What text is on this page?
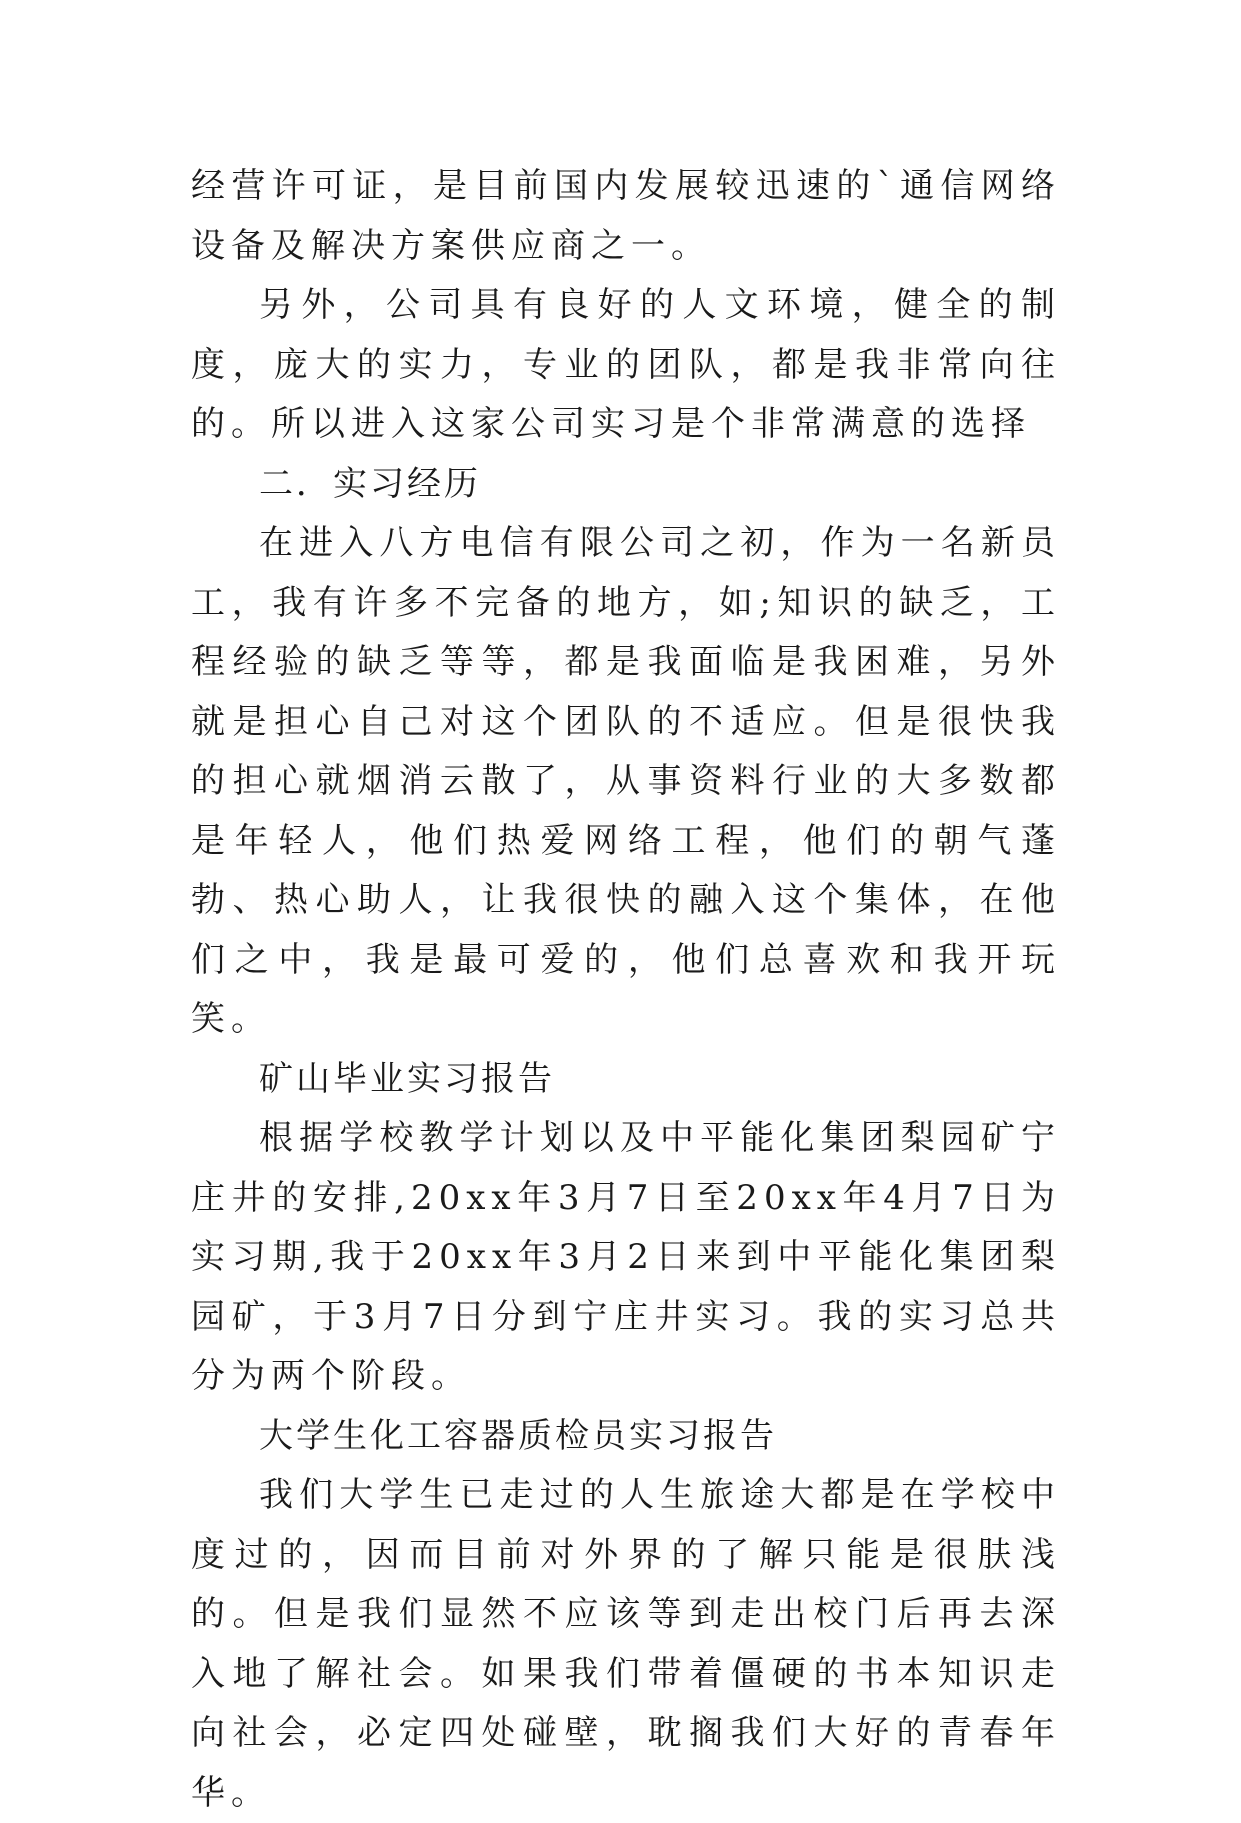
经营许可证，是目前国内发展较迅速的`通信网络设备及解决方案供应商之一。

另外，公司具有良好的人文环境，健全的制度，庞大的实力，专业的团队，都是我非常向往的。所以进入这家公司实习是个非常满意的选择

二．实习经历

在进入八方电信有限公司之初，作为一名新员工，我有许多不完备的地方，如;知识的缺乏，工程经验的缺乏等等，都是我面临是我困难，另外就是担心自己对这个团队的不适应。但是很快我的担心就烟消云散了，从事资料行业的大多数都是年轻人，他们热爱网络工程，他们的朝气蓬勃、热心助人，让我很快的融入这个集体，在他们之中，我是最可爱的，他们总喜欢和我开玩笑。

矿山毕业实习报告

根据学校教学计划以及中平能化集团梨园矿宁庄井的安排,20xx年3月7日至20xx年4月7日为实习期,我于20xx年3月2日来到中平能化集团梨园矿，于3月7日分到宁庄井实习。我的实习总共分为两个阶段。

大学生化工容器质检员实习报告

我们大学生已走过的人生旅途大都是在学校中度过的，因而目前对外界的了解只能是很肤浅的。但是我们显然不应该等到走出校门后再去深入地了解社会。如果我们带着僵硬的书本知识走向社会，必定四处碰壁，耽搁我们大好的青春年华。
